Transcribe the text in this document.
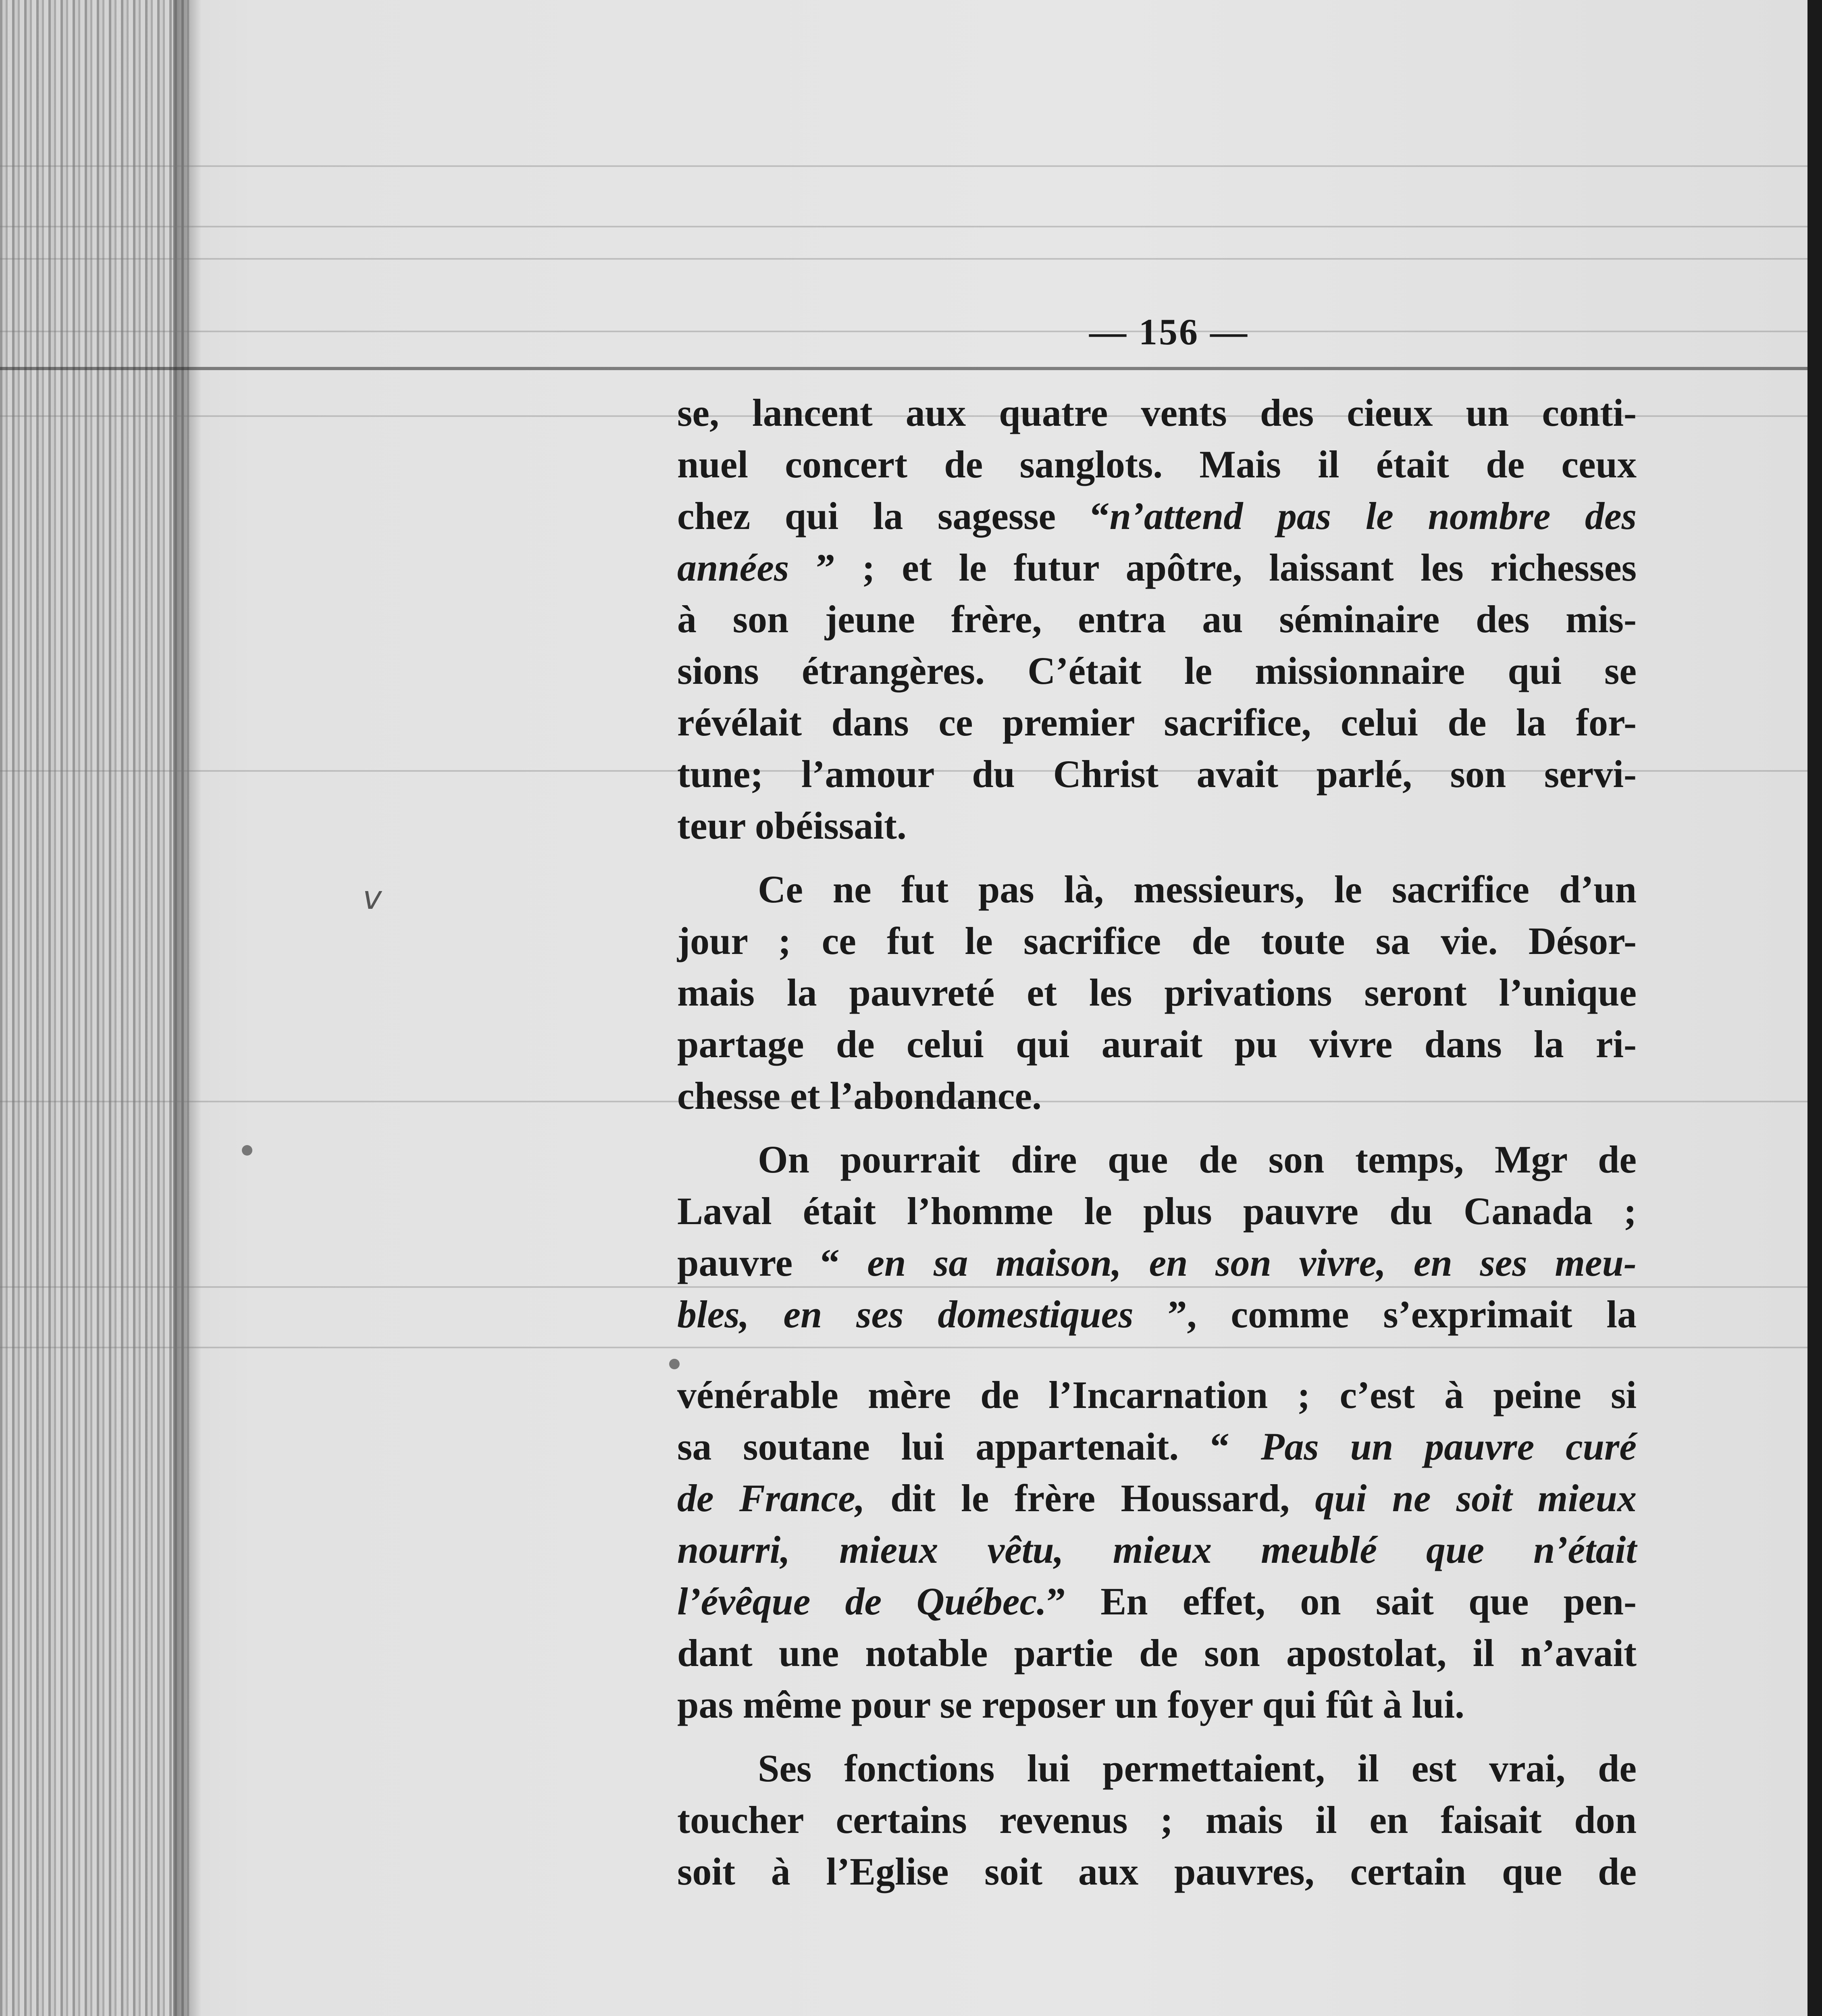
v
— 156 —
se, lancent aux quatre vents des cieux un conti-
nuel concert de sanglots. Mais il était de ceux
chez qui la sagesse “n’attend pas le nombre des
années ” ; et le futur apôtre, laissant les richesses
à son jeune frère, entra au séminaire des mis-
sions étrangères. C’était le missionnaire qui se
révélait dans ce premier sacrifice, celui de la for-
tune; l’amour du Christ avait parlé, son servi-
teur obéissait.
Ce ne fut pas là, messieurs, le sacrifice d’un
jour ; ce fut le sacrifice de toute sa vie. Désor-
mais la pauvreté et les privations seront l’unique
partage de celui qui aurait pu vivre dans la ri-
chesse et l’abondance.
On pourrait dire que de son temps, Mgr de
Laval était l’homme le plus pauvre du Canada ;
pauvre “ en sa maison, en son vivre, en ses meu-
bles, en ses domestiques ”, comme s’exprimait la
vénérable mère de l’Incarnation ; c’est à peine si
sa soutane lui appartenait. “ Pas un pauvre curé
de France, dit le frère Houssard, qui ne soit mieux
nourri, mieux vêtu, mieux meublé que n’était
l’évêque de Québec.” En effet, on sait que pen-
dant une notable partie de son apostolat, il n’avait
pas même pour se reposer un foyer qui fût à lui.
Ses fonctions lui permettaient, il est vrai, de
toucher certains revenus ; mais il en faisait don
soit à l’Eglise soit aux pauvres, certain que de
